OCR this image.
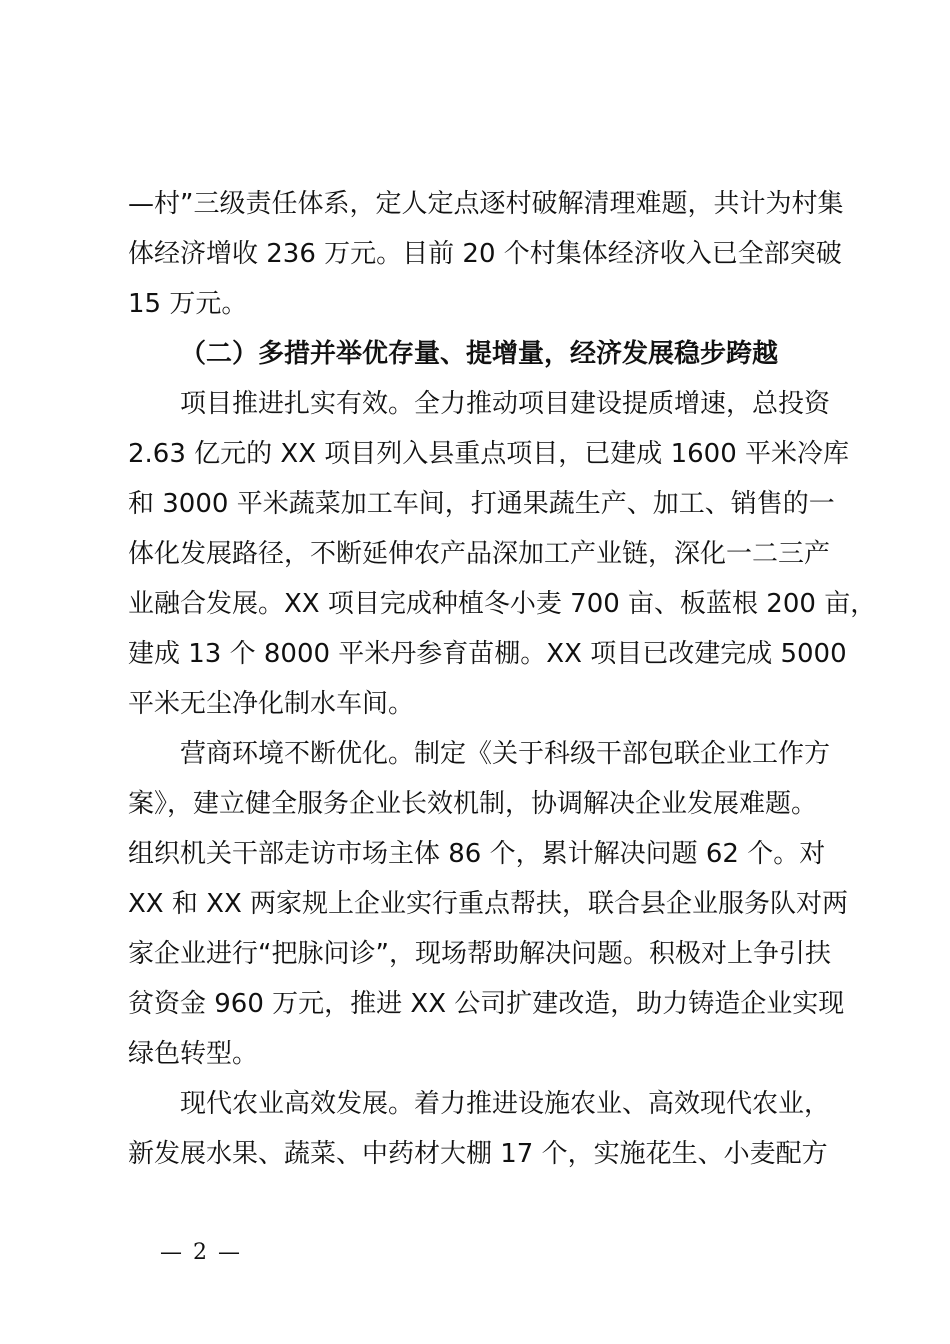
—村”三级责任体系，定人定点逐村破解清理难题，共计为村集
体经济增收 236 万元。目前 20 个村集体经济收入已全部突破
15 万元。
（二）多措并举优存量、提增量，经济发展稳步跨越
项目推进扎实有效。全力推动项目建设提质增速，总投资
2.63 亿元的 XX 项目列入县重点项目，已建成 1600 平米冷库
和 3000 平米蔬菜加工车间，打通果蔬生产、加工、销售的一
体化发展路径，不断延伸农产品深加工产业链，深化一二三产
业融合发展。XX 项目完成种植冬小麦 700 亩、板蓝根 200 亩，
建成 13 个 8000 平米丹参育苗棚。XX 项目已改建完成 5000
平米无尘净化制水车间。
营商环境不断优化。制定《关于科级干部包联企业工作方
案》，建立健全服务企业长效机制，协调解决企业发展难题。
组织机关干部走访市场主体 86 个，累计解决问题 62 个。对
XX 和 XX 两家规上企业实行重点帮扶，联合县企业服务队对两
家企业进行“把脉问诊”，现场帮助解决问题。积极对上争引扶
贫资金 960 万元，推进 XX 公司扩建改造，助力铸造企业实现
绿色转型。
现代农业高效发展。着力推进设施农业、高效现代农业，
新发展水果、蔬菜、中药材大棚 17 个，实施花生、小麦配方
— 2 —
